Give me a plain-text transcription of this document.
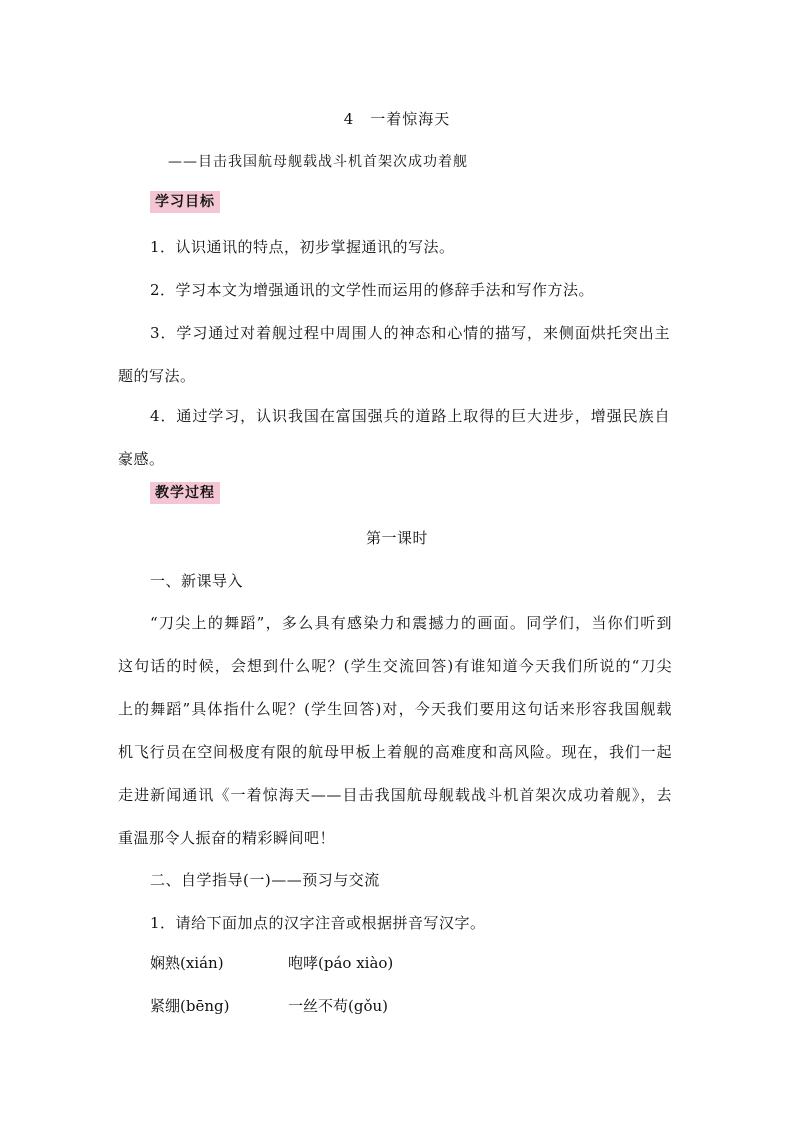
4　一着惊海天
——目击我国航母舰载战斗机首架次成功着舰
学习目标
1．认识通讯的特点，初步掌握通讯的写法。
2．学习本文为增强通讯的文学性而运用的修辞手法和写作方法。
3．学习通过对着舰过程中周围人的神态和心情的描写，来侧面烘托突出主
题的写法。
4．通过学习，认识我国在富国强兵的道路上取得的巨大进步，增强民族自
豪感。
教学过程
第一课时
一、新课导入
“刀尖上的舞蹈”，多么具有感染力和震撼力的画面。同学们，当你们听到
这句话的时候，会想到什么呢？(学生交流回答)有谁知道今天我们所说的“刀尖
上的舞蹈”具体指什么呢？(学生回答)对，今天我们要用这句话来形容我国舰载
机飞行员在空间极度有限的航母甲板上着舰的高难度和高风险。现在，我们一起
走进新闻通讯《一着惊海天——目击我国航母舰载战斗机首架次成功着舰》，去
重温那令人振奋的精彩瞬间吧！
二、自学指导(一)——预习与交流
1．请给下面加点的汉字注音或根据拼音写汉字。
娴熟(xián)	咆哮(páo xiào)
紧绷(bēng)	一丝不苟(gǒu)
